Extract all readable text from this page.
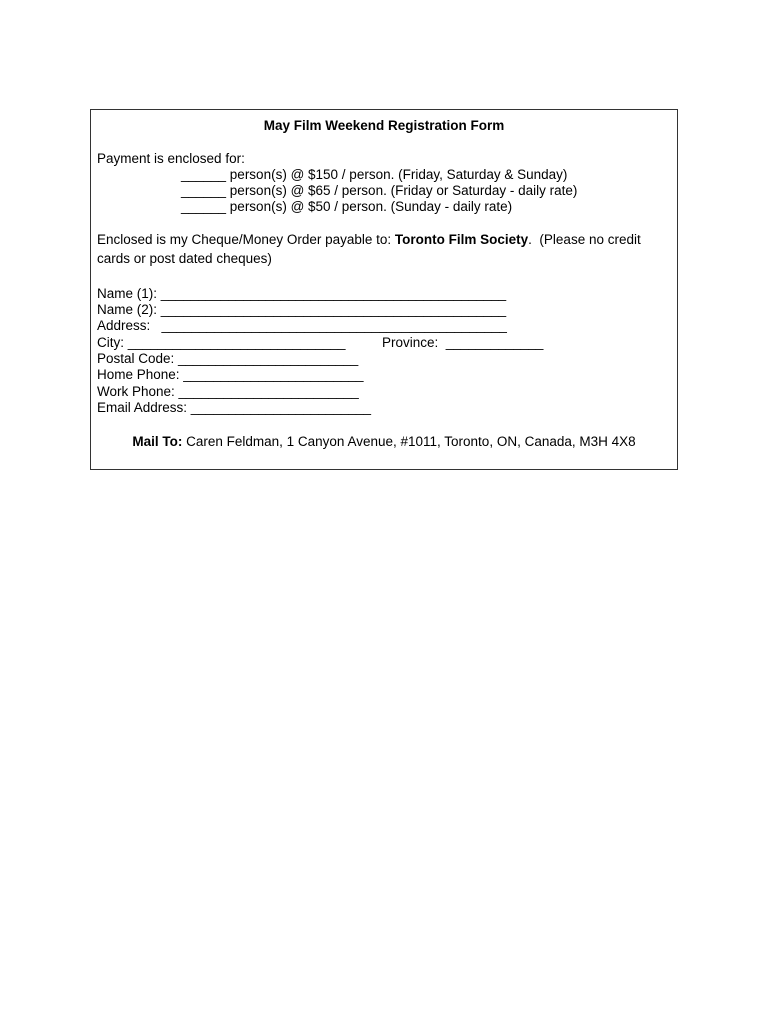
May Film Weekend Registration Form
Payment is enclosed for:
______ person(s) @ $150 / person. (Friday, Saturday & Sunday)
______ person(s) @ $65 / person. (Friday or Saturday - daily rate)
______ person(s) @ $50 / person. (Sunday - daily rate)
Enclosed is my Cheque/Money Order payable to: Toronto Film Society.  (Please no credit
cards or post dated cheques)
Name (1): ______________________________________________
Name (2): ______________________________________________
Address:   ______________________________________________
City: _____________________________	Province:  _____________
Postal Code: ________________________
Home Phone: ________________________
Work Phone: ________________________
Email Address: ________________________
Mail To: Caren Feldman, 1 Canyon Avenue, #1011, Toronto, ON, Canada, M3H 4X8
